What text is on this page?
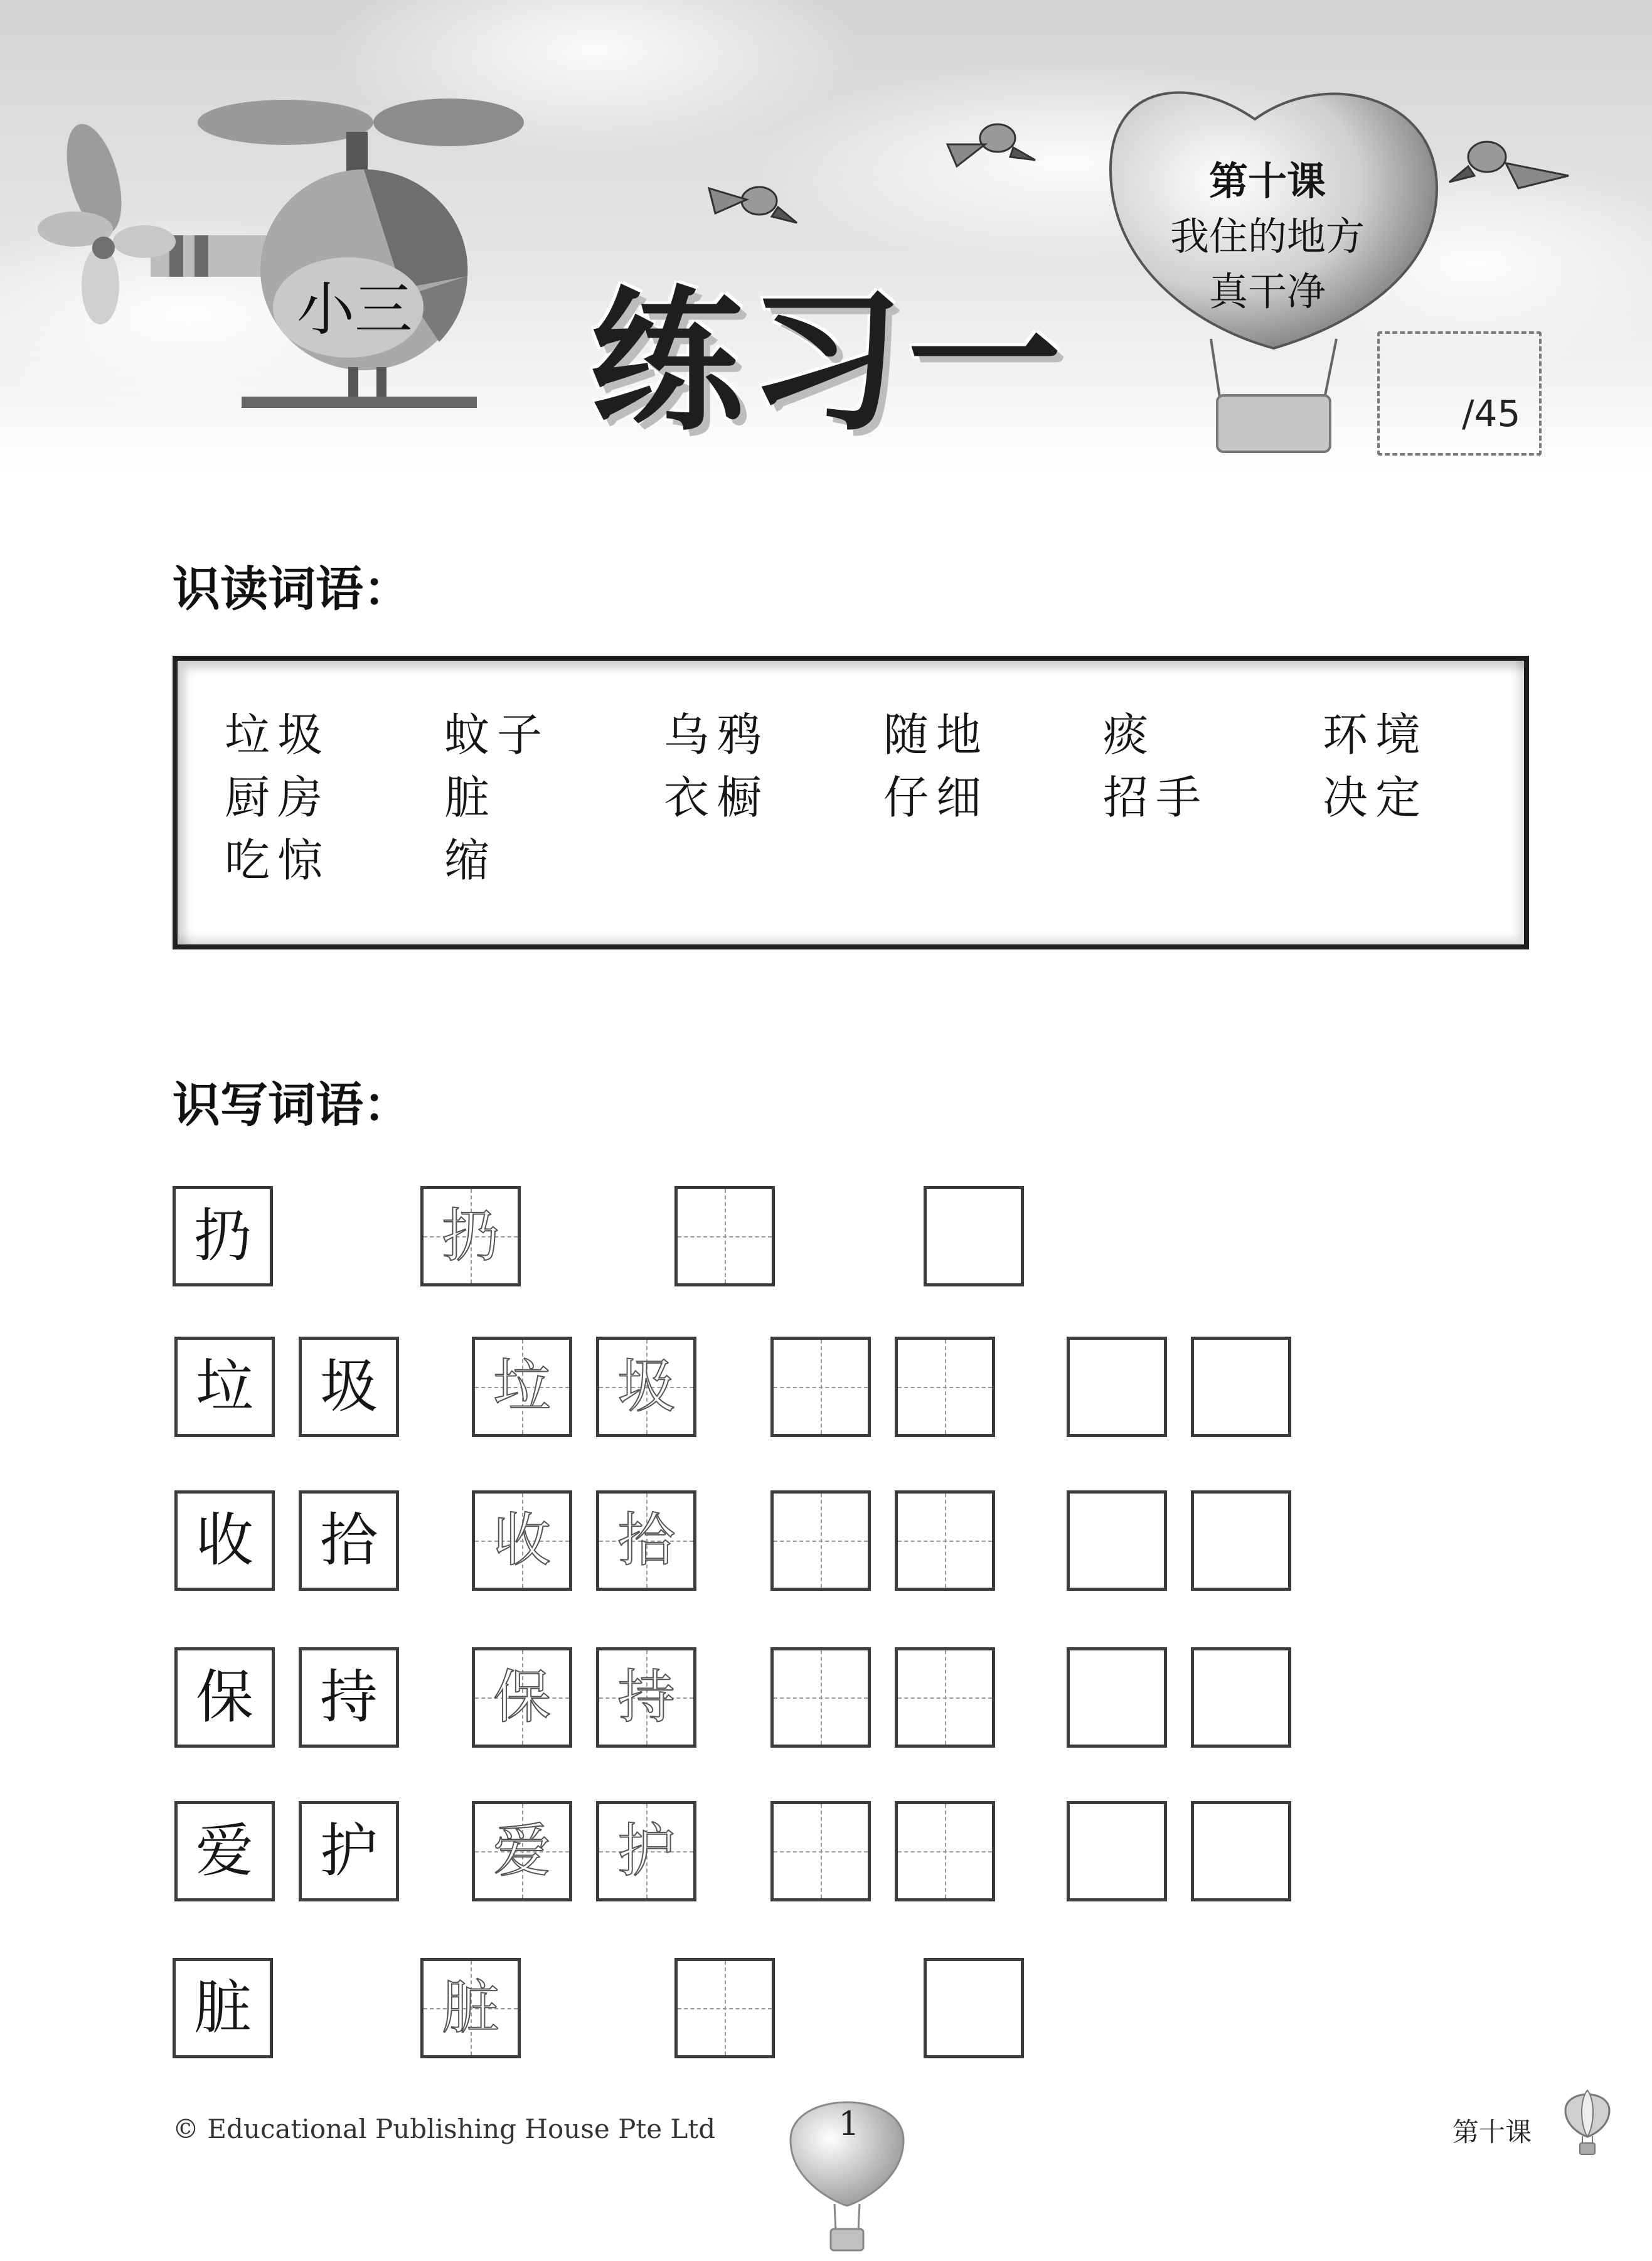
小三 练习一
第十课
我住的地方
真干净
/45
识读词语：
垃圾	蚊子	乌鸦	随地	痰	环境
厨房	脏	衣橱	仔细	招手	决定
吃惊	缩
识写词语：
扔	扔
垃 圾 垃 圾
收 拾 收 拾
保 持 保 持
爱 护 爱 护
脏	脏
© Educational Publishing House Pte Ltd	1	第十课
